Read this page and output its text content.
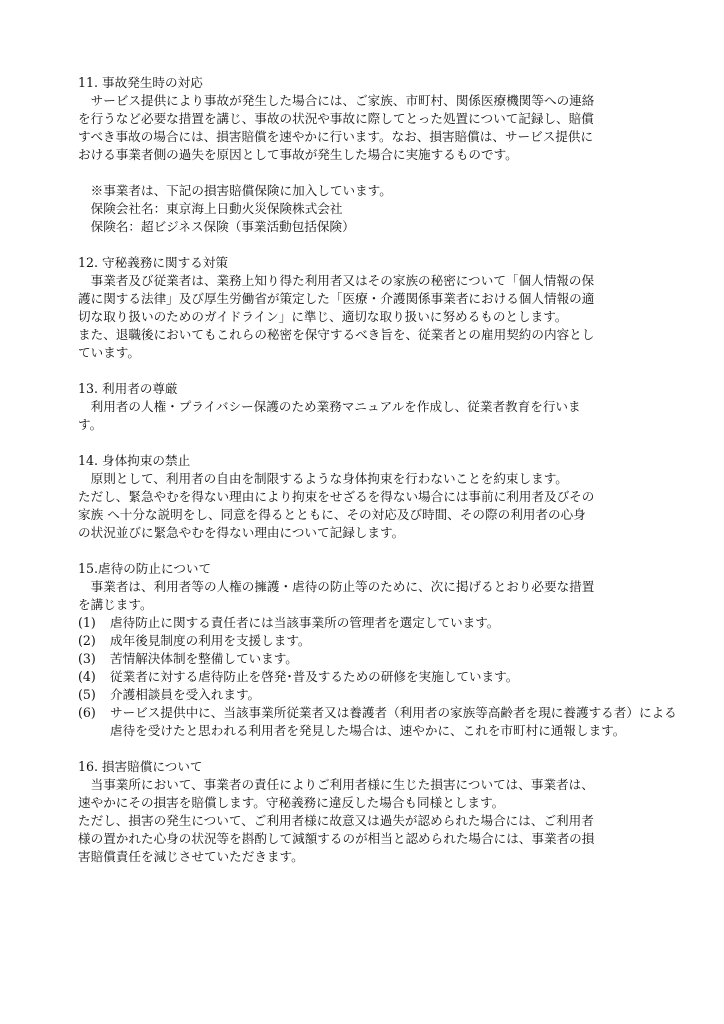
11. 事故発生時の対応

　サービス提供により事故が発生した場合には、ご家族、市町村、関係医療機関等への連絡

を行うなど必要な措置を講じ、事故の状況や事故に際してとった処置について記録し、賠償

すべき事故の場合には、損害賠償を速やかに行います。なお、損害賠償は、サービス提供に

おける事業者側の過失を原因として事故が発生した場合に実施するものです。

　※事業者は、下記の損害賠償保険に加入しています。

　保険会社名：東京海上日動火災保険株式会社

　保険名：超ビジネス保険（事業活動包括保険）

12. 守秘義務に関する対策

　事業者及び従業者は、業務上知り得た利用者又はその家族の秘密について「個人情報の保

護に関する法律」及び厚生労働省が策定した「医療・介護関係事業者における個人情報の適

切な取り扱いのためのガイドライン」に準じ、適切な取り扱いに努めるものとします。

また、退職後においてもこれらの秘密を保守するべき旨を、従業者との雇用契約の内容とし

ています。

13. 利用者の尊厳

　利用者の人権・プライバシー保護のため業務マニュアルを作成し、従業者教育を行いま

す。

14. 身体拘束の禁止

　原則として、利用者の自由を制限するような身体拘束を行わないことを約束します。

ただし、緊急やむを得ない理由により拘束をせざるを得ない場合には事前に利用者及びその

家族 へ十分な説明をし、同意を得るとともに、その対応及び時間、その際の利用者の心身

の状況並びに緊急やむを得ない理由について記録します。

15.虐待の防止について

　事業者は、利用者等の人権の擁護・虐待の防止等のために、次に掲げるとおり必要な措置

を講じます。

(1)	虐待防止に関する責任者には当該事業所の管理者を選定しています。
(2)	成年後見制度の利用を支援します。
(3)	苦情解決体制を整備しています。
(4)	従業者に対する虐待防止を啓発･普及するための研修を実施しています。
(5)	介護相談員を受入れます。
(6)	サービス提供中に、当該事業所従業者又は養護者（利用者の家族等高齢者を現に養護する者）による虐待を受けたと思われる利用者を発見した場合は、速やかに、これを市町村に通報します。

16. 損害賠償について

　当事業所において、事業者の責任によりご利用者様に生じた損害については、事業者は、

速やかにその損害を賠償します。守秘義務に違反した場合も同様とします。

ただし、損害の発生について、ご利用者様に故意又は過失が認められた場合には、ご利用者

様の置かれた心身の状況等を斟酌して減額するのが相当と認められた場合には、事業者の損

害賠償責任を減じさせていただきます。
